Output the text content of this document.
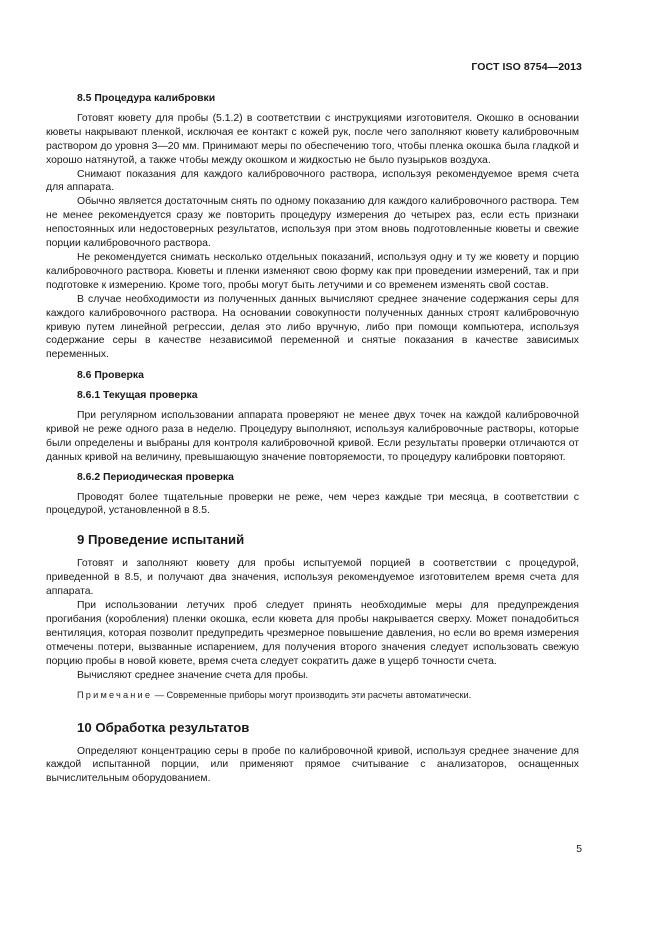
ГОСТ ISO 8754—2013
8.5 Процедура калибровки

Готовят кювету для пробы (5.1.2) в соответствии с инструкциями изготовителя. Окошко в основании кюветы накрывают пленкой, исключая ее контакт с кожей рук, после чего заполняют кювету калибровочным раствором до уровня 3—20 мм. Принимают меры по обеспечению того, чтобы пленка окошка была гладкой и хорошо натянутой, а также чтобы между окошком и жидкостью не было пузырьков воздуха.

Снимают показания для каждого калибровочного раствора, используя рекомендуемое время счета для аппарата.

Обычно является достаточным снять по одному показанию для каждого калибровочного раствора. Тем не менее рекомендуется сразу же повторить процедуру измерения до четырех раз, если есть признаки непостоянных или недостоверных результатов, используя при этом вновь подготовленные кюветы и свежие порции калибровочного раствора.

Не рекомендуется снимать несколько отдельных показаний, используя одну и ту же кювету и порцию калибровочного раствора. Кюветы и пленки изменяют свою форму как при проведении измерений, так и при подготовке к измерению. Кроме того, пробы могут быть летучими и со временем изменять свой состав.

В случае необходимости из полученных данных вычисляют среднее значение содержания серы для каждого калибровочного раствора. На основании совокупности полученных данных строят калибровочную кривую путем линейной регрессии, делая это либо вручную, либо при помощи компьютера, используя содержание серы в качестве независимой переменной и снятые показания в качестве зависимых переменных.

8.6 Проверка
8.6.1 Текущая проверка

При регулярном использовании аппарата проверяют не менее двух точек на каждой калибровочной кривой не реже одного раза в неделю. Процедуру выполняют, используя калибровочные растворы, которые были определены и выбраны для контроля калибровочной кривой. Если результаты проверки отличаются от данных кривой на величину, превышающую значение повторяемости, то процедуру калибровки повторяют.

8.6.2 Периодическая проверка

Проводят более тщательные проверки не реже, чем через каждые три месяца, в соответствии с процедурой, установленной в 8.5.

9 Проведение испытаний

Готовят и заполняют кювету для пробы испытуемой порцией в соответствии с процедурой, приведенной в 8.5, и получают два значения, используя рекомендуемое изготовителем время счета для аппарата.

При использовании летучих проб следует принять необходимые меры для предупреждения прогибания (коробления) пленки окошка, если кювета для пробы накрывается сверху. Может понадобиться вентиляция, которая позволит предупредить чрезмерное повышение давления, но если во время измерения отмечены потери, вызванные испарением, для получения второго значения следует использовать свежую порцию пробы в новой кювете, время счета следует сократить даже в ущерб точности счета.

Вычисляют среднее значение счета для пробы.

Примечание — Современные приборы могут производить эти расчеты автоматически.
10 Обработка результатов

Определяют концентрацию серы в пробе по калибровочной кривой, используя среднее значение для каждой испытанной порции, или применяют прямое считывание с анализаторов, оснащенных вычислительным оборудованием.

5
